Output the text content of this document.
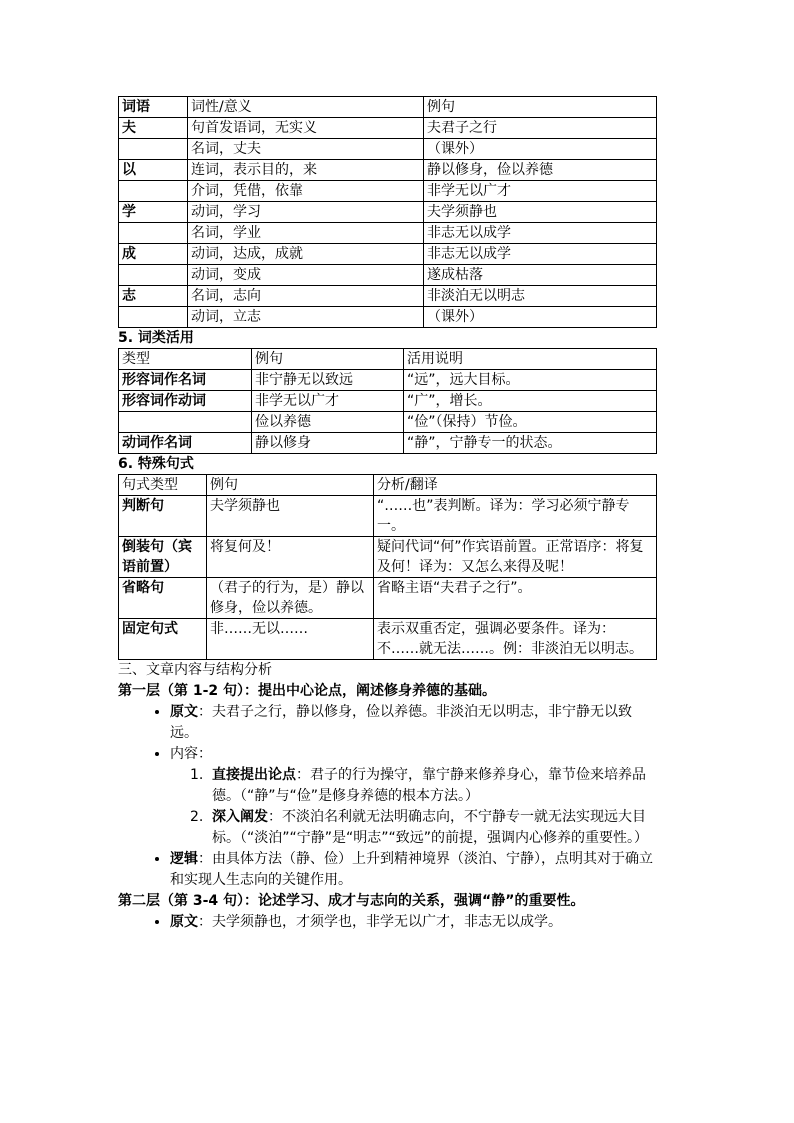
词语	词性/意义	例句
夫	句首发语词，无实义	夫君子之行
	名词，丈夫	（课外）
以	连词，表示目的，来	静以修身，俭以养德
	介词，凭借，依靠	非学无以广才
学	动词，学习	夫学须静也
	名词，学业	非志无以成学
成	动词，达成，成就	非志无以成学
	动词，变成	遂成枯落
志	名词，志向	非淡泊无以明志
	动词，立志	（课外）

5. 词类活用

类型	例句	活用说明
形容词作名词	非宁静无以致远	“远”，远大目标。
形容词作动词	非学无以广才	“广”，增长。
	俭以养德	“俭”（保持）节俭。
动词作名词	静以修身	“静”，宁静专一的状态。

6. 特殊句式

句式类型	例句	分析/翻译
判断句	夫学须静也	“……也”表判断。译为：学习必须宁静专一。
倒装句（宾语前置）	将复何及！	疑问代词“何”作宾语前置。正常语序：将复及何！译为：又怎么来得及呢！
省略句	（君子的行为，是）静以修身，俭以养德。	省略主语“夫君子之行”。
固定句式	非……无以……	表示双重否定，强调必要条件。译为：不……就无法……。例：非淡泊无以明志。

三、文章内容与结构分析

第一层（第 1-2 句）：提出中心论点，阐述修身养德的基础。

• 原文：夫君子之行，静以修身，俭以养德。非淡泊无以明志，非宁静无以致远。
• 内容：
1. 直接提出论点：君子的行为操守，靠宁静来修养身心，靠节俭来培养品德。（“静”与“俭”是修身养德的根本方法。）
2. 深入阐发：不淡泊名利就无法明确志向，不宁静专一就无法实现远大目标。（“淡泊”“宁静”是“明志”“致远”的前提，强调内心修养的重要性。）
• 逻辑：由具体方法（静、俭）上升到精神境界（淡泊、宁静），点明其对于确立和实现人生志向的关键作用。

第二层（第 3-4 句）：论述学习、成才与志向的关系，强调“静”的重要性。

• 原文：夫学须静也，才须学也，非学无以广才，非志无以成学。
